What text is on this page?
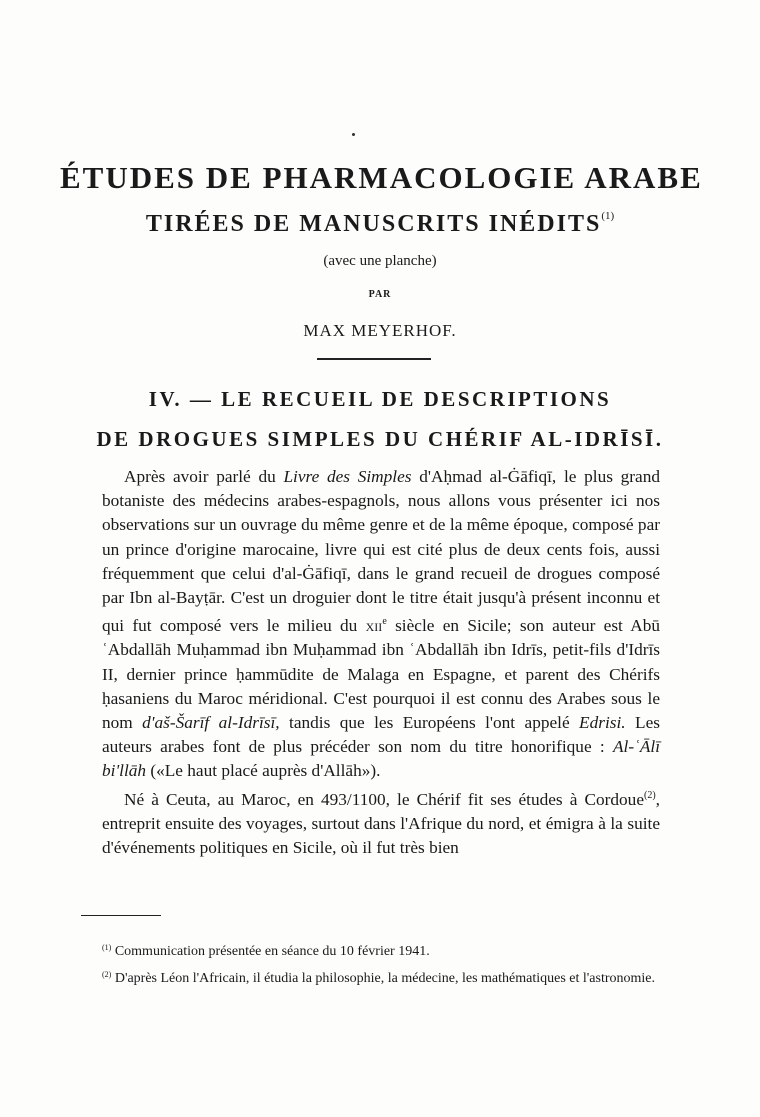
ÉTUDES DE PHARMACOLOGIE ARABE
TIRÉES DE MANUSCRITS INÉDITS$^{(1)}$
(avec une planche)
PAR
MAX MEYERHOF.
IV. — LE RECUEIL DE DESCRIPTIONS
DE DROGUES SIMPLES DU CHÉRIF AL-IDRĪSĪ.

Après avoir parlé du Livre des Simples d'Aḥmad al-Ġāfiqī, le plus grand botaniste des médecins arabes-espagnols, nous allons vous présenter ici nos observations sur un ouvrage du même genre et de la même époque, composé par un prince d'origine marocaine, livre qui est cité plus de deux cents fois, aussi fréquemment que celui d'al-Ġāfiqī, dans le grand recueil de drogues composé par Ibn al-Bayṭār. C'est un droguier dont le titre était jusqu'à présent inconnu et qui fut composé vers le milieu du xii$^e$ siècle en Sicile; son auteur est Abū ʿAbdallāh Muḥammad ibn Muḥammad ibn ʿAbdallāh ibn Idrīs, petit-fils d'Idrīs II, dernier prince ḥammūdite de Malaga en Espagne, et parent des Chérifs ḥasaniens du Maroc méridional. C'est pourquoi il est connu des Arabes sous le nom d'aš-Šarīf al-Idrīsī, tandis que les Européens l'ont appelé Edrisi. Les auteurs arabes font de plus précéder son nom du titre honorifique : Al-ʿĀlī bi'llāh («Le haut placé auprès d'Allāh»).

Né à Ceuta, au Maroc, en 493/1100, le Chérif fit ses études à Cordoue$^{(2)}$, entreprit ensuite des voyages, surtout dans l'Afrique du nord, et émigra à la suite d'événements politiques en Sicile, où il fut très bien

$^{(1)}$ Communication présentée en séance du 10 février 1941.

$^{(2)}$ D'après Léon l'Africain, il étudia la philosophie, la médecine, les mathématiques et l'astronomie.
